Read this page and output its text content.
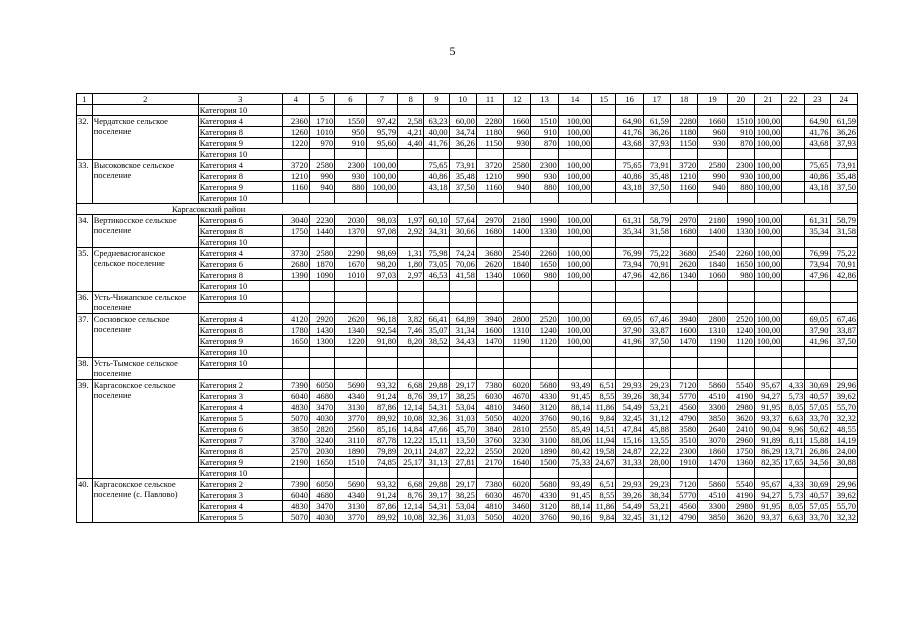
5
1	2	3	4	5	6	7	8	9	10	11	12	13	14	15	16	17	18	19	20	21	22	23	24
		Категория 10																					
32.	Чердатское сельское поселение	Категория 4	2360	1710	1550	97,42	2,58	63,23	60,00	2280	1660	1510	100,00		64,90	61,59	2280	1660	1510	100,00		64,90	61,59
		Категория 8	1260	1010	950	95,79	4,21	40,00	34,74	1180	960	910	100,00		41,76	36,26	1180	960	910	100,00		41,76	36,26
		Категория 9	1220	970	910	95,60	4,40	41,76	36,26	1150	930	870	100,00		43,68	37,93	1150	930	870	100,00		43,68	37,93
		Категория 10																					
33.	Высоковское сельское поселение	Категория 4	3720	2580	2300	100,00		75,65	73,91	3720	2580	2300	100,00		75,65	73,91	3720	2580	2300	100,00		75,65	73,91
		Категория 8	1210	990	930	100,00		40,86	35,48	1210	990	930	100,00		40,86	35,48	1210	990	930	100,00		40,86	35,48
		Категория 9	1160	940	880	100,00		43,18	37,50	1160	940	880	100,00		43,18	37,50	1160	940	880	100,00		43,18	37,50
		Категория 10																					
Каргасокский район																							
34.	Вертикосское сельское поселение	Категория 6	3040	2230	2030	98,03	1,97	60,10	57,64	2970	2180	1990	100,00		61,31	58,79	2970	2180	1990	100,00		61,31	58,79
		Категория 8	1750	1440	1370	97,08	2,92	34,31	30,66	1680	1400	1330	100,00		35,34	31,58	1680	1400	1330	100,00		35,34	31,58
		Категория 10																					
35.	Средневасюганское сельское поселение	Категория 4	3730	2580	2290	98,69	1,31	75,98	74,24	3680	2540	2260	100,00		76,99	75,22	3680	2540	2260	100,00		76,99	75,22
		Категория 6	2680	1870	1670	98,20	1,80	73,05	70,06	2620	1840	1650	100,00		73,94	70,91	2620	1840	1650	100,00		73,94	70,91
		Категория 8	1390	1090	1010	97,03	2,97	46,53	41,58	1340	1060	980	100,00		47,96	42,86	1340	1060	980	100,00		47,96	42,86
		Категория 10																					
36.	Усть-Чижапское сельское поселение	Категория 10																					

37.	Сосновское сельское поселение	Категория 4	4120	2920	2620	96,18	3,82	66,41	64,89	3940	2800	2520	100,00		69,05	67,46	3940	2800	2520	100,00		69,05	67,46
		Категория 8	1780	1430	1340	92,54	7,46	35,07	31,34	1600	1310	1240	100,00		37,90	33,87	1600	1310	1240	100,00		37,90	33,87
		Категория 9	1650	1300	1220	91,80	8,20	38,52	34,43	1470	1190	1120	100,00		41,96	37,50	1470	1190	1120	100,00		41,96	37,50
		Категория 10																					
38.	Усть-Тымское сельское поселение	Категория 10																					

39.	Каргасокское сельское поселение	Категория 2	7390	6050	5690	93,32	6,68	29,88	29,17	7380	6020	5680	93,49	6,51	29,93	29,23	7120	5860	5540	95,67	4,33	30,69	29,96
		Категория 3	6040	4680	4340	91,24	8,76	39,17	38,25	6030	4670	4330	91,45	8,55	39,26	38,34	5770	4510	4190	94,27	5,73	40,57	39,62
		Категория 4	4830	3470	3130	87,86	12,14	54,31	53,04	4810	3460	3120	88,14	11,86	54,49	53,21	4560	3300	2980	91,95	8,05	57,05	55,70
		Категория 5	5070	4030	3770	89,92	10,08	32,36	31,03	5050	4020	3760	90,16	9,84	32,45	31,12	4790	3850	3620	93,37	6,63	33,70	32,32
		Категория 6	3850	2820	2560	85,16	14,84	47,66	45,70	3840	2810	2550	85,49	14,51	47,84	45,88	3580	2640	2410	90,04	9,96	50,62	48,55
		Категория 7	3780	3240	3110	87,78	12,22	15,11	13,50	3760	3230	3100	88,06	11,94	15,16	13,55	3510	3070	2960	91,89	8,11	15,88	14,19
		Категория 8	2570	2030	1890	79,89	20,11	24,87	22,22	2550	2020	1890	80,42	19,58	24,87	22,22	2300	1860	1750	86,29	13,71	26,86	24,00
		Категория 9	2190	1650	1510	74,85	25,17	31,13	27,81	2170	1640	1500	75,33	24,67	31,33	28,00	1910	1470	1360	82,35	17,65	34,56	30,88
		Категория 10																					
40.	Каргасокское сельское поселение (с. Павлово)	Категория 2	7390	6050	5690	93,32	6,68	29,88	29,17	7380	6020	5680	93,49	6,51	29,93	29,23	7120	5860	5540	95,67	4,33	30,69	29,96
		Категория 3	6040	4680	4340	91,24	8,76	39,17	38,25	6030	4670	4330	91,45	8,55	39,26	38,34	5770	4510	4190	94,27	5,73	40,57	39,62
		Категория 4	4830	3470	3130	87,86	12,14	54,31	53,04	4810	3460	3120	88,14	11,86	54,49	53,21	4560	3300	2980	91,95	8,05	57,05	55,70
		Категория 5	5070	4030	3770	89,92	10,08	32,36	31,03	5050	4020	3760	90,16	9,84	32,45	31,12	4790	3850	3620	93,37	6,63	33,70	32,32
